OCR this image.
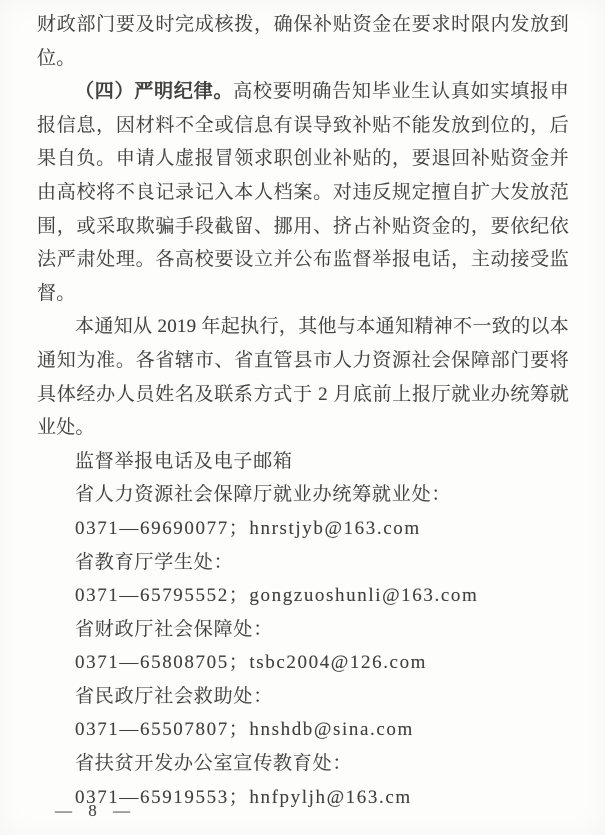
财政部门要及时完成核拨，确保补贴资金在要求时限内发放到位。

（四）严明纪律。高校要明确告知毕业生认真如实填报申报信息，因材料不全或信息有误导致补贴不能发放到位的，后果自负。申请人虚报冒领求职创业补贴的，要退回补贴资金并由高校将不良记录记入本人档案。对违反规定擅自扩大发放范围，或采取欺骗手段截留、挪用、挤占补贴资金的，要依纪依法严肃处理。各高校要设立并公布监督举报电话，主动接受监督。

本通知从 2019 年起执行，其他与本通知精神不一致的以本通知为准。各省辖市、省直管县市人力资源社会保障部门要将具体经办人员姓名及联系方式于 2 月底前上报厅就业办统筹就业处。

监督举报电话及电子邮箱

省人力资源社会保障厅就业办统筹就业处：

0371—69690077；hnrstjyb@163.com

省教育厅学生处：

0371—65795552；gongzuoshunli@163.com

省财政厅社会保障处：

0371—65808705；tsbc2004@126.com

省民政厅社会救助处：

0371—65507807；hnshdb@sina.com

省扶贫开发办公室宣传教育处：

0371—65919553；hnfpyljh@163.cm

— 8 —
